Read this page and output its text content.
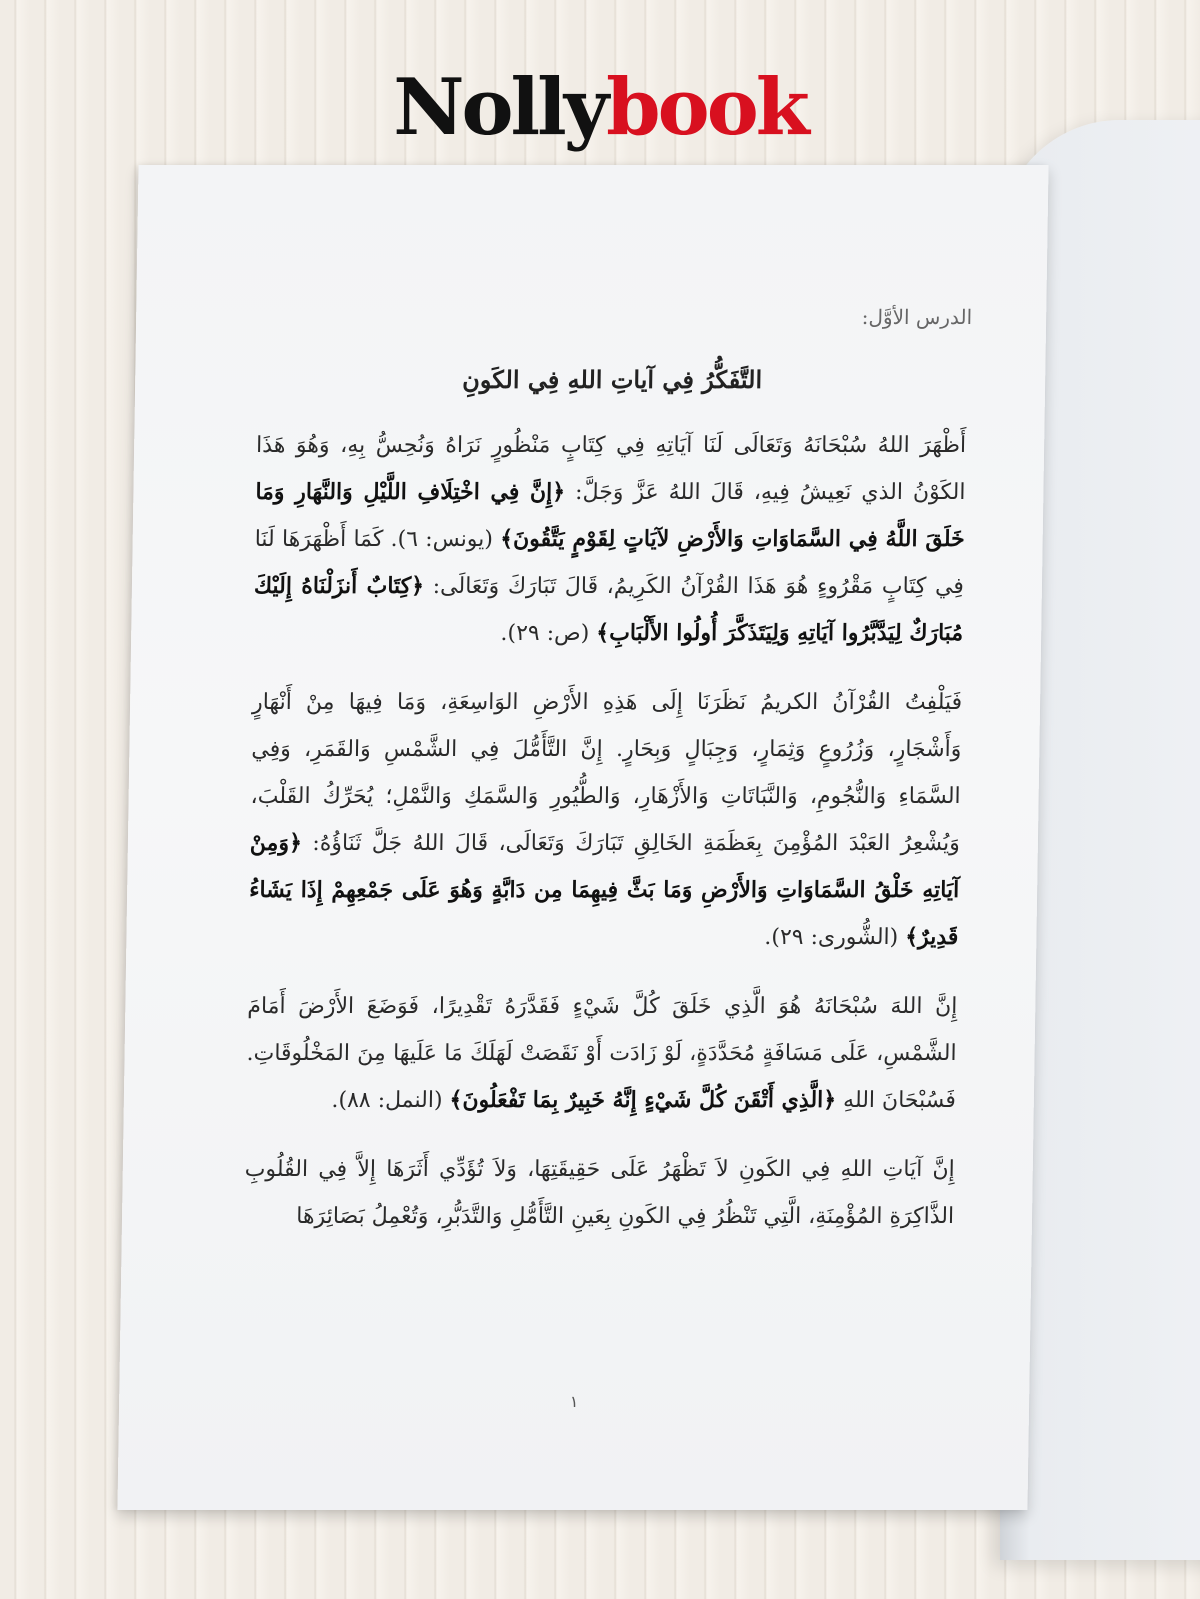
Nollybook
الدرس الأوَّل:
التَّفَكُّرُ فِي آياتِ اللهِ فِي الكَونِ

أَظْهَرَ اللهُ سُبْحَانَهُ وَتَعَالَى لَنَا آيَاتِهِ فِي كِتَابٍ مَنْظُورٍ نَرَاهُ وَنُحِسُّ بِهِ، وَهُوَ هَذَا الكَوْنُ الذي نَعِيشُ فِيهِ، قَالَ اللهُ عَزَّ وَجَلَّ: ﴿إِنَّ فِي اخْتِلَافِ اللَّيْلِ وَالنَّهَارِ وَمَا خَلَقَ اللَّهُ فِي السَّمَاوَاتِ وَالأَرْضِ لآيَاتٍ لِقَوْمٍ يَتَّقُونَ﴾ (يونس: ٦). كَمَا أَظْهَرَهَا لَنَا فِي كِتَابٍ مَقْرُوءٍ هُوَ هَذَا القُرْآنُ الكَرِيمُ، قَالَ تَبَارَكَ وَتَعَالَى: ﴿كِتَابٌ أَنزَلْنَاهُ إِلَيْكَ مُبَارَكٌ لِيَدَّبَّرُوا آيَاتِهِ وَلِيَتَذَكَّرَ أُولُوا الأَلْبَابِ﴾ (ص: ٢٩).

فَيَلْفِتُ القُرْآنُ الكريمُ نَظَرَنَا إِلَى هَذِهِ الأَرْضِ الوَاسِعَةِ، وَمَا فِيهَا مِنْ أَنْهَارٍ وَأَشْجَارٍ، وَزُرُوعٍ وَثِمَارٍ، وَجِبَالٍ وَبِحَارٍ. إِنَّ التَّأَمُّلَ فِي الشَّمْسِ وَالقَمَرِ، وَفِي السَّمَاءِ وَالنُّجُومِ، وَالنَّبَاتَاتِ وَالأَزْهَارِ، وَالطُّيُورِ وَالسَّمَكِ وَالنَّمْلِ؛ يُحَرِّكُ القَلْبَ، وَيُشْعِرُ العَبْدَ المُؤْمِنَ بِعَظَمَةِ الخَالِقِ تَبَارَكَ وَتَعَالَى، قَالَ اللهُ جَلَّ ثَنَاؤُهُ: ﴿وَمِنْ آيَاتِهِ خَلْقُ السَّمَاوَاتِ وَالأَرْضِ وَمَا بَثَّ فِيهِمَا مِن دَابَّةٍ وَهُوَ عَلَى جَمْعِهِمْ إِذَا يَشَاءُ قَدِيرٌ﴾ (الشُّورى: ٢٩).

إِنَّ اللهَ سُبْحَانَهُ هُوَ الَّذِي خَلَقَ كُلَّ شَيْءٍ فَقَدَّرَهُ تَقْدِيرًا، فَوَضَعَ الأَرْضَ أَمَامَ الشَّمْسِ، عَلَى مَسَافَةٍ مُحَدَّدَةٍ، لَوْ زَادَت أَوْ نَقَصَتْ لَهَلَكَ مَا عَلَيهَا مِنَ المَخْلُوقَاتِ. فَسُبْحَانَ اللهِ ﴿الَّذِي أَتْقَنَ كُلَّ شَيْءٍ إِنَّهُ خَبِيرٌ بِمَا تَفْعَلُونَ﴾ (النمل: ٨٨).

إِنَّ آيَاتِ اللهِ فِي الكَونِ لاَ تَظْهَرُ عَلَى حَقِيقَتِهَا، وَلاَ تُؤَدِّي أَثَرَهَا إِلاَّ فِي القُلُوبِ الذَّاكِرَةِ المُؤْمِنَةِ، الَّتِي تَنْظُرُ فِي الكَونِ بِعَينِ التَّأَمُّلِ وَالتَّدَبُّرِ، وَتُعْمِلُ بَصَائِرَهَا

١
